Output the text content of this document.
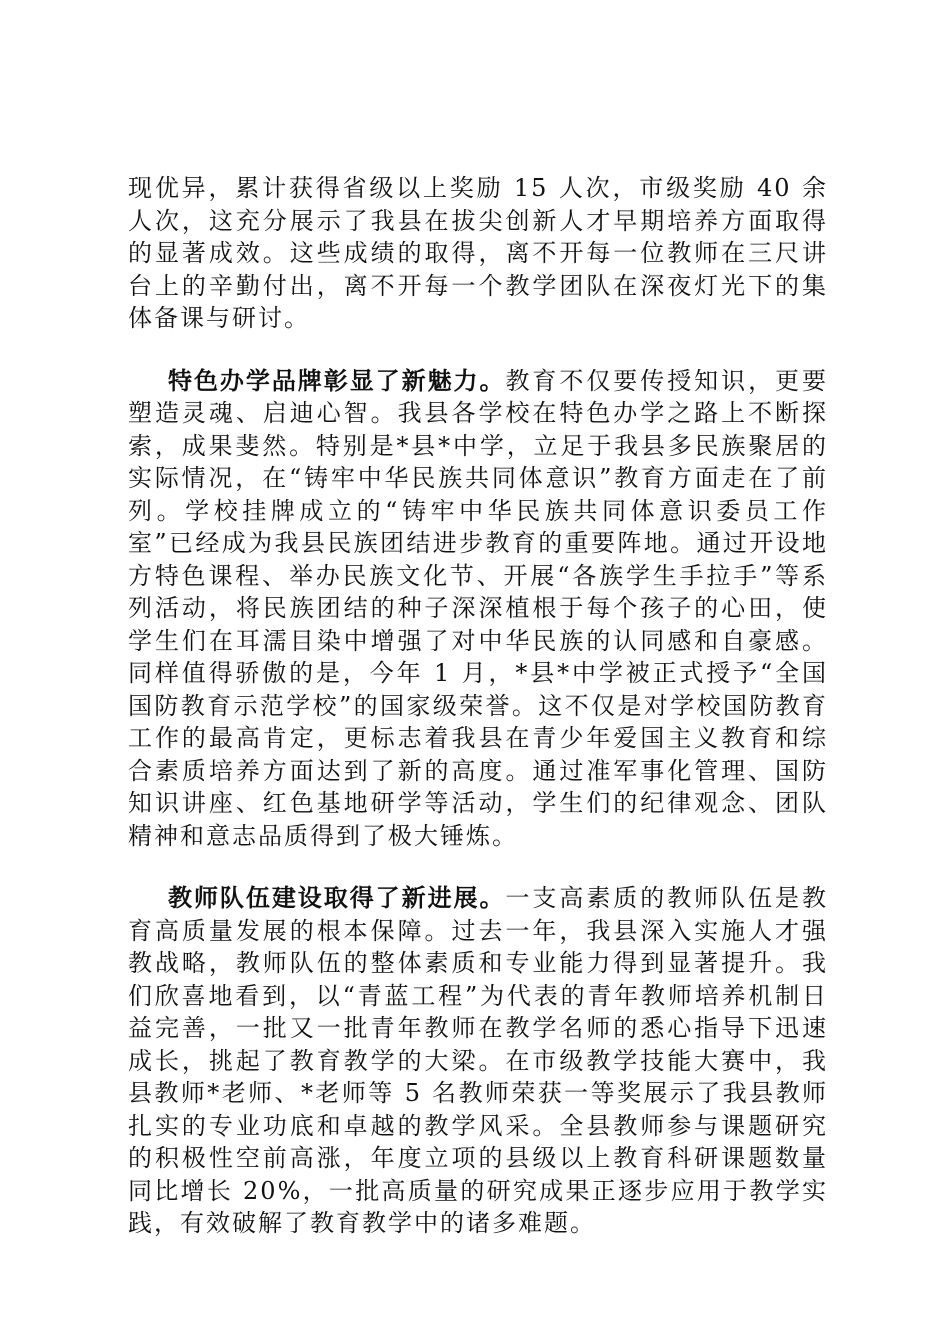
现优异，累计获得省级以上奖励 15 人次，市级奖励 40 余人次，这充分展示了我县在拔尖创新人才早期培养方面取得的显著成效。这些成绩的取得，离不开每一位教师在三尺讲台上的辛勤付出，离不开每一个教学团队在深夜灯光下的集体备课与研讨。

特色办学品牌彰显了新魅力。教育不仅要传授知识，更要塑造灵魂、启迪心智。我县各学校在特色办学之路上不断探索，成果斐然。特别是*县*中学，立足于我县多民族聚居的实际情况，在“铸牢中华民族共同体意识”教育方面走在了前列。学校挂牌成立的“铸牢中华民族共同体意识委员工作室”已经成为我县民族团结进步教育的重要阵地。通过开设地方特色课程、举办民族文化节、开展“各族学生手拉手”等系列活动，将民族团结的种子深深植根于每个孩子的心田，使学生们在耳濡目染中增强了对中华民族的认同感和自豪感。同样值得骄傲的是，今年 1 月，*县*中学被正式授予“全国国防教育示范学校”的国家级荣誉。这不仅是对学校国防教育工作的最高肯定，更标志着我县在青少年爱国主义教育和综合素质培养方面达到了新的高度。通过准军事化管理、国防知识讲座、红色基地研学等活动，学生们的纪律观念、团队精神和意志品质得到了极大锤炼。

教师队伍建设取得了新进展。一支高素质的教师队伍是教育高质量发展的根本保障。过去一年，我县深入实施人才强教战略，教师队伍的整体素质和专业能力得到显著提升。我们欣喜地看到，以“青蓝工程”为代表的青年教师培养机制日益完善，一批又一批青年教师在教学名师的悉心指导下迅速成长，挑起了教育教学的大梁。在市级教学技能大赛中，我县教师*老师、*老师等 5 名教师荣获一等奖展示了我县教师扎实的专业功底和卓越的教学风采。全县教师参与课题研究的积极性空前高涨，年度立项的县级以上教育科研课题数量同比增长 20%，一批高质量的研究成果正逐步应用于教学实践，有效破解了教育教学中的诸多难题。
